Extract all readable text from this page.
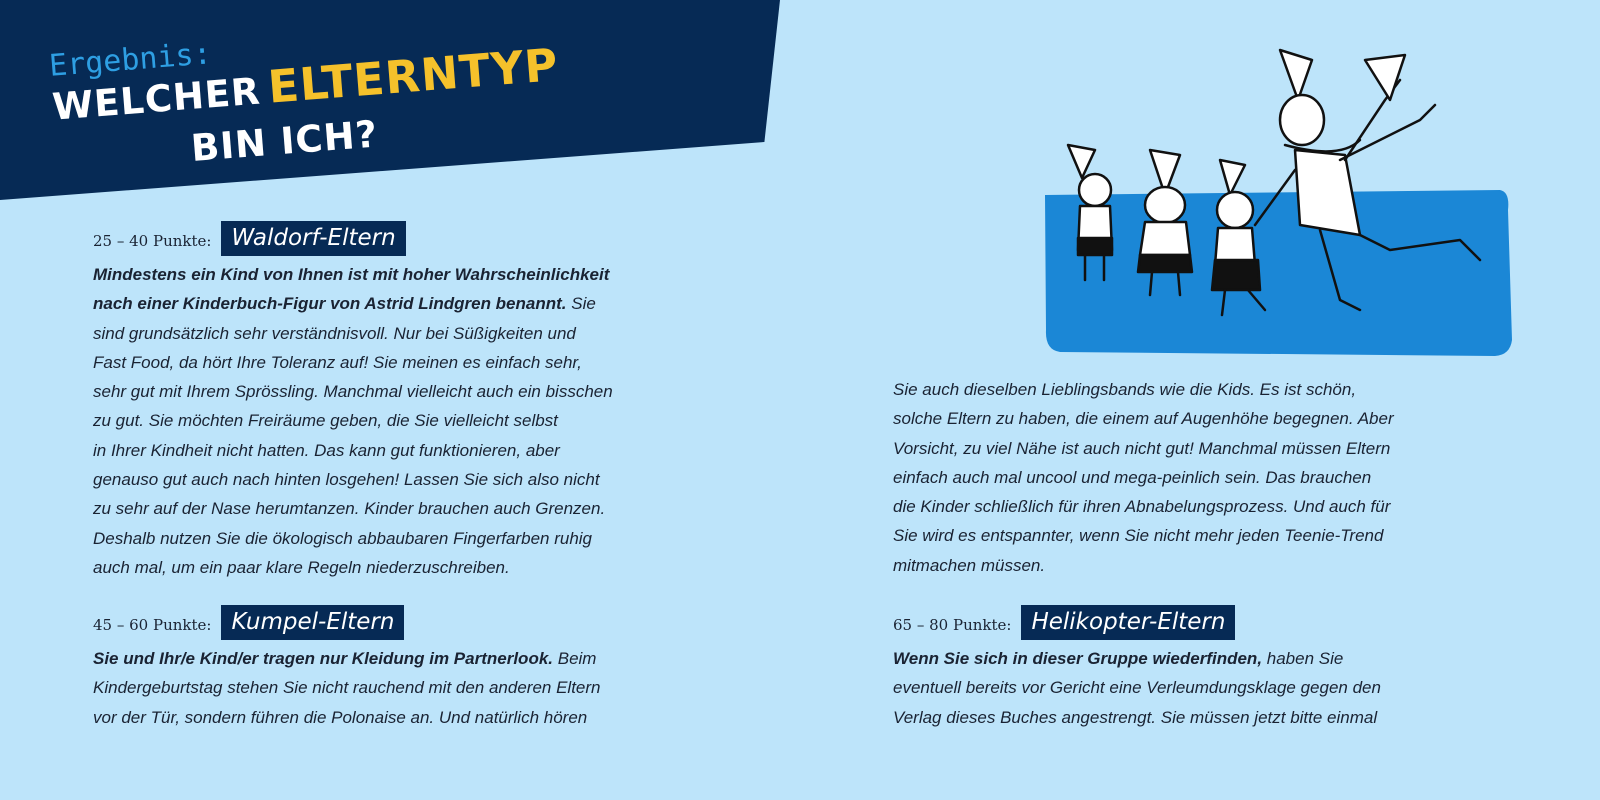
Ergebnis:
WELCHERELTERNTYP
BIN ICH?
25 – 40 Punkte: Waldorf-Eltern
Mindestens ein Kind von Ihnen ist mit hoher Wahrscheinlichkeit
nach einer Kinderbuch-Figur von Astrid Lindgren benannt. Sie
sind grundsätzlich sehr verständnisvoll. Nur bei Süßigkeiten und
Fast Food, da hört Ihre Toleranz auf! Sie meinen es einfach sehr,
sehr gut mit Ihrem Sprössling. Manchmal vielleicht auch ein bisschen
zu gut. Sie möchten Freiräume geben, die Sie vielleicht selbst
in Ihrer Kindheit nicht hatten. Das kann gut funktionieren, aber
genauso gut auch nach hinten losgehen! Lassen Sie sich also nicht
zu sehr auf der Nase herumtanzen. Kinder brauchen auch Grenzen.
Deshalb nutzen Sie die ökologisch abbaubaren Fingerfarben ruhig
auch mal, um ein paar klare Regeln niederzuschreiben.
45 – 60 Punkte: Kumpel-Eltern
Sie und Ihr/e Kind/er tragen nur Kleidung im Partnerlook. Beim
Kindergeburtstag stehen Sie nicht rauchend mit den anderen Eltern
vor der Tür, sondern führen die Polonaise an. Und natürlich hören
Sie auch dieselben Lieblingsbands wie die Kids. Es ist schön,
solche Eltern zu haben, die einem auf Augenhöhe begegnen. Aber
Vorsicht, zu viel Nähe ist auch nicht gut! Manchmal müssen Eltern
einfach auch mal uncool und mega-peinlich sein. Das brauchen
die Kinder schließlich für ihren Abnabelungsprozess. Und auch für
Sie wird es entspannter, wenn Sie nicht mehr jeden Teenie-Trend
mitmachen müssen.
65 – 80 Punkte: Helikopter-Eltern
Wenn Sie sich in dieser Gruppe wiederfinden, haben Sie
eventuell bereits vor Gericht eine Verleumdungsklage gegen den
Verlag dieses Buches angestrengt. Sie müssen jetzt bitte einmal
